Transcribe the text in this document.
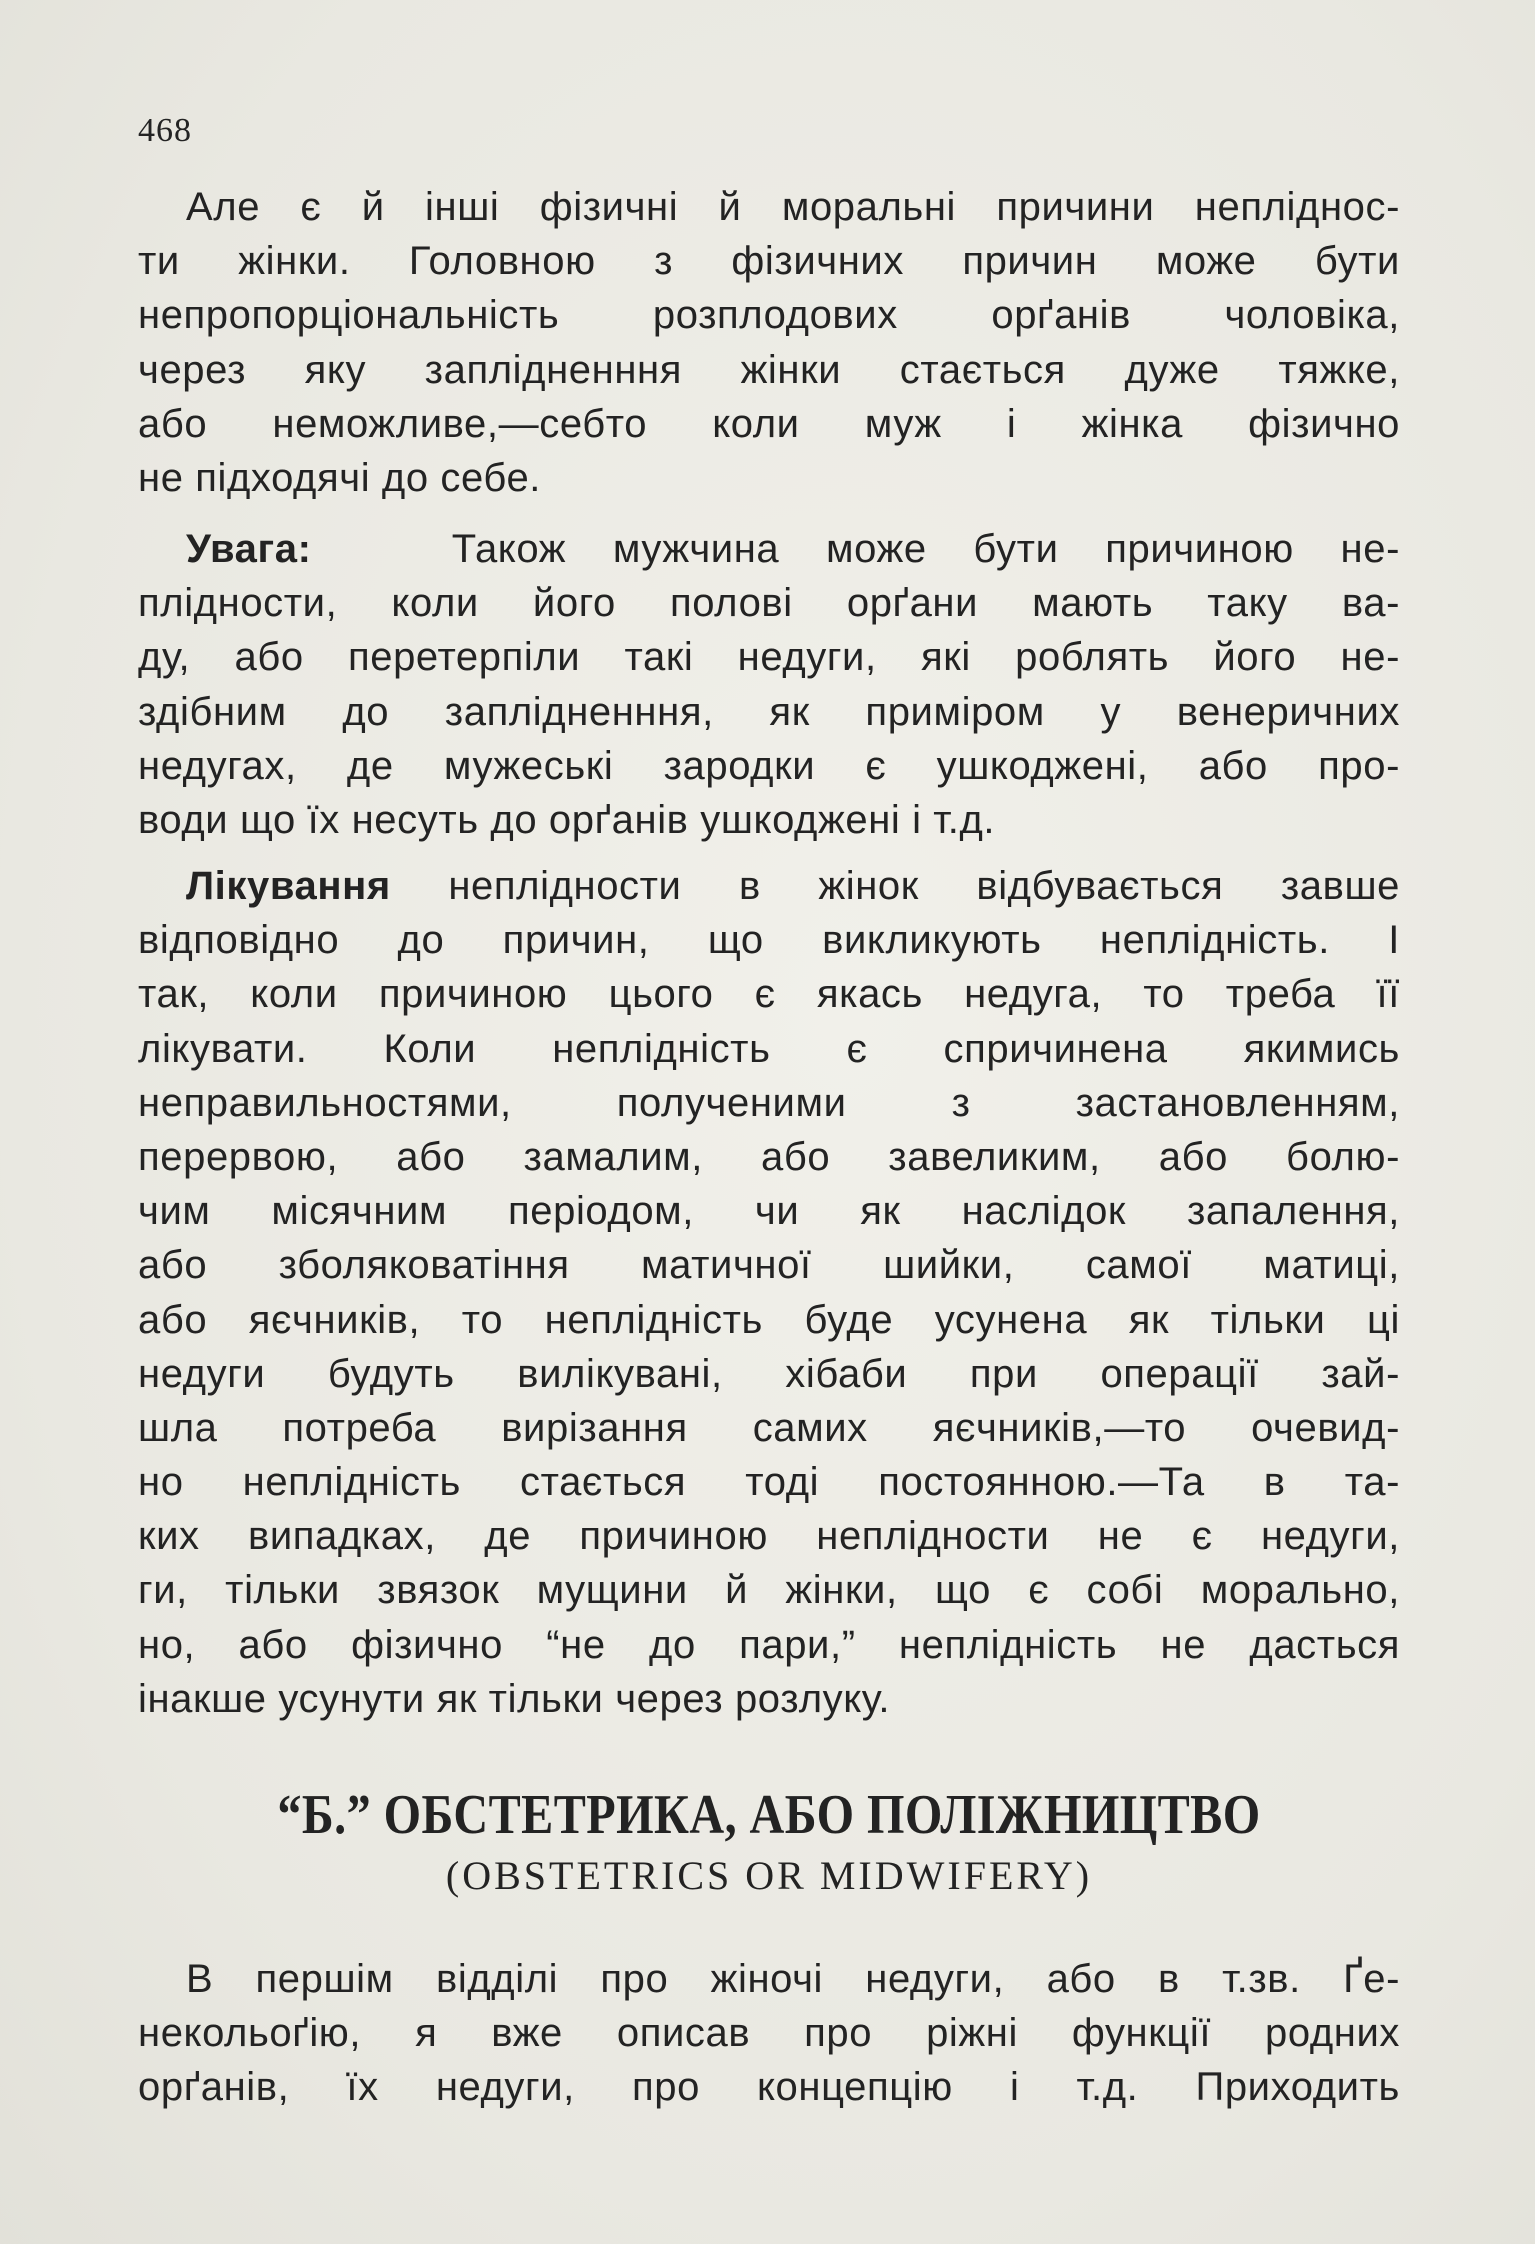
468
Але є й інші фізичні й моральні причини непліднос-
ти жінки. Головною з фізичних причин може бути
непропорціональність розплодових орґанів чоловіка,
через яку заплідненння жінки стається дуже тяжке,
або неможливе,—себто коли муж і жінка фізично
не підходячі до себе.
Увага:	Також мужчина може бути причиною не-
плідности, коли його полові орґани мають таку ва-
ду, або перетерпіли такі недуги, які роблять його не-
здібним до заплідненння, як приміром у венеричних
недугах, де мужеські зародки є ушкоджені, або про-
води що їх несуть до орґанів ушкоджені і т.д.
Лікування неплідности в жінок відбувається завше
відповідно до причин, що викликують неплідність. І
так, коли причиною цього є якась недуга, то треба її
лікувати. Коли неплідність є спричинена якимись
неправильностями, полученими з застановленням,
перервою, або замалим, або завеликим, або болю-
чим місячним періодом, чи як наслідок запалення,
або зболяковатіння матичної шийки, самої матиці,
або яєчників, то неплідність буде усунена як тільки ці
недуги будуть вилікувані, хібаби при операції зай-
шла потреба вирізання самих яєчників,—то очевид-
но неплідність стається тоді постоянною.—Та в та-
ких випадках, де причиною неплідности не є недуги,
ги, тільки звязок мущини й жінки, що є собі морально,
но, або фізично “не до пари,” неплідність не дасться
інакше усунути як тільки через розлуку.
“Б.” ОБСТЕТРИКА, АБО ПОЛІЖНИЦТВО
(OBSTETRICS OR MIDWIFERY)
В першім відділі про жіночі недуги, або в т.зв. Ґе-
некольоґію, я вже описав про ріжні функції родних
орґанів, їх недуги, про концепцію і т.д. Приходить
